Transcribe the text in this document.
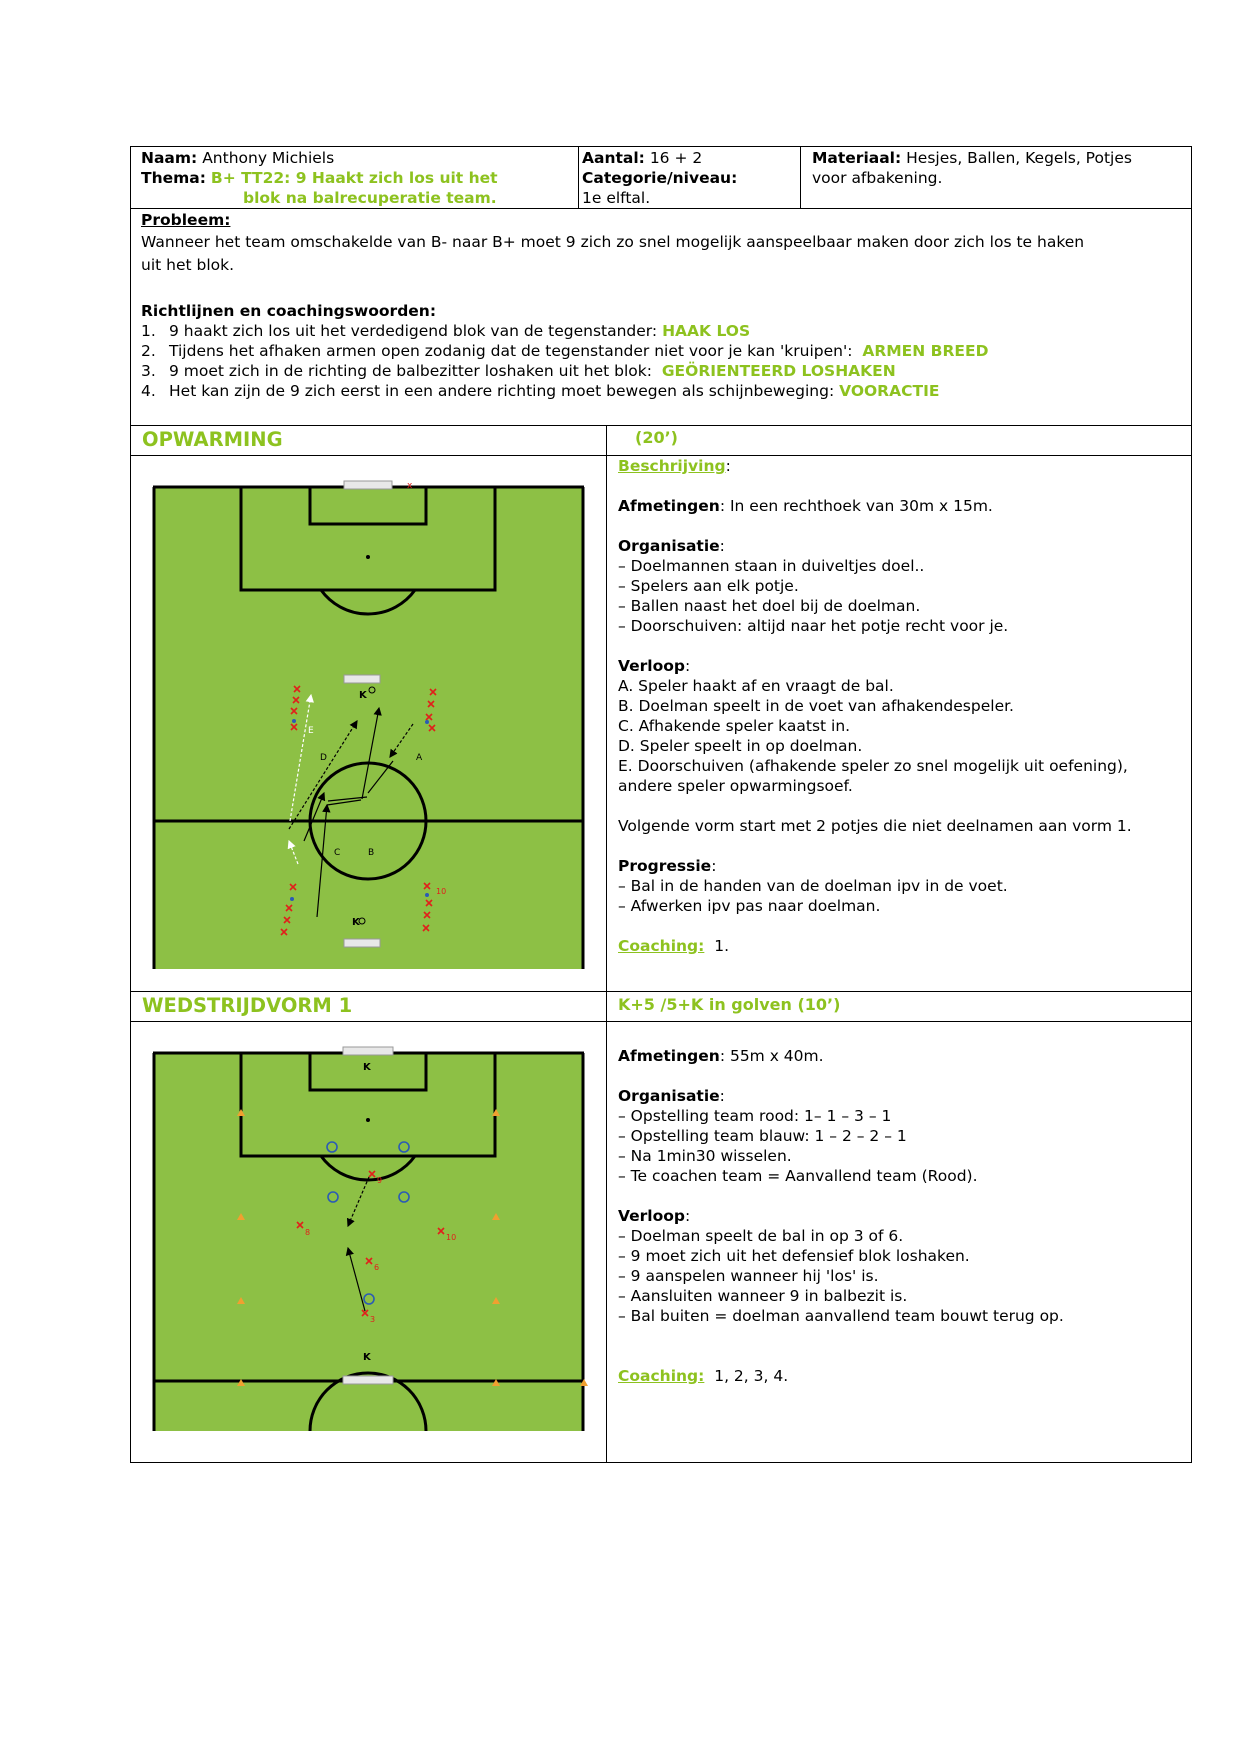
Naam: Anthony Michiels
Thema: B+ TT22: 9 Haakt zich los uit het
blok na balrecuperatie team.
Aantal: 16 + 2
Categorie/niveau:
1e elftal.
Materiaal: Hesjes, Ballen, Kegels, Potjes
voor afbakening.
Probleem:
Wanneer het team omschakelde van B- naar B+ moet 9 zich zo snel mogelijk aanspeelbaar maken door zich los te haken
uit het blok.
Richtlijnen en coachingswoorden:
1. 9 haakt zich los uit het verdedigend blok van de tegenstander: HAAK LOS
2. Tijdens het afhaken armen open zodanig dat de tegenstander niet voor je kan 'kruipen': ARMEN BREED
3. 9 moet zich in de richting de balbezitter loshaken uit het blok: GEÖRIENTEERD LOSHAKEN
4. Het kan zijn de 9 zich eerst in een andere richting moet bewegen als schijnbeweging: VOORACTIE
OPWARMING	(20’)
x
K
K
A
B
C
D
E
10
Beschrijving:
Afmetingen: In een rechthoek van 30m x 15m.
Organisatie:
– Doelmannen staan in duiveltjes doel..
– Spelers aan elk potje.
– Ballen naast het doel bij de doelman.
– Doorschuiven: altijd naar het potje recht voor je.
Verloop:
A. Speler haakt af en vraagt de bal.
B. Doelman speelt in de voet van afhakendespeler.
C. Afhakende speler kaatst in.
D. Speler speelt in op doelman.
E. Doorschuiven (afhakende speler zo snel mogelijk uit oefening),
andere speler opwarmingsoef.
Volgende vorm start met 2 potjes die niet deelnamen aan vorm 1.
Progressie:
– Bal in de handen van de doelman ipv in de voet.
– Afwerken ipv pas naar doelman.
Coaching: 1.
WEDSTRIJDVORM 1	K+5 /5+K in golven (10’)
K
K
9
8
10
6
3
Afmetingen: 55m x 40m.
Organisatie:
– Opstelling team rood: 1– 1 – 3 – 1
– Opstelling team blauw: 1 – 2 – 2 – 1
– Na 1min30 wisselen.
– Te coachen team = Aanvallend team (Rood).
Verloop:
– Doelman speelt de bal in op 3 of 6.
– 9 moet zich uit het defensief blok loshaken.
– 9 aanspelen wanneer hij 'los' is.
– Aansluiten wanneer 9 in balbezit is.
– Bal buiten = doelman aanvallend team bouwt terug op.
Coaching: 1, 2, 3, 4.
